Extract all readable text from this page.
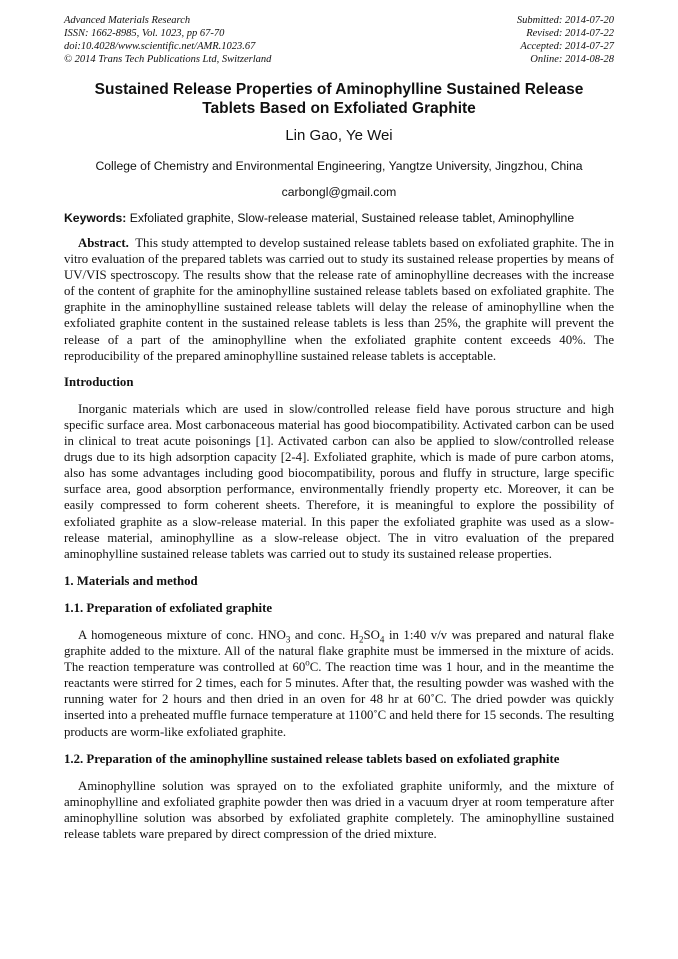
Advanced Materials Research
ISSN: 1662-8985, Vol. 1023, pp 67-70
doi:10.4028/www.scientific.net/AMR.1023.67
© 2014 Trans Tech Publications Ltd, Switzerland
Submitted: 2014-07-20
Revised: 2014-07-22
Accepted: 2014-07-27
Online: 2014-08-28
Sustained Release Properties of Aminophylline Sustained Release
Tablets Based on Exfoliated Graphite
Lin Gao, Ye Wei
College of Chemistry and Environmental Engineering, Yangtze University, Jingzhou, China
carbongl@gmail.com
Keywords: Exfoliated graphite, Slow-release material, Sustained release tablet, Aminophylline

Abstract. This study attempted to develop sustained release tablets based on exfoliated graphite. The in vitro evaluation of the prepared tablets was carried out to study its sustained release properties by means of UV/VIS spectroscopy. The results show that the release rate of aminophylline decreases with the increase of the content of graphite for the aminophylline sustained release tablets based on exfoliated graphite. The graphite in the aminophylline sustained release tablets will delay the release of aminophylline when the exfoliated graphite content in the sustained release tablets is less than 25%, the graphite will prevent the release of a part of the aminophylline when the exfoliated graphite content exceeds 40%. The reproducibility of the prepared aminophylline sustained release tablets is acceptable.

Introduction

Inorganic materials which are used in slow/controlled release field have porous structure and high specific surface area. Most carbonaceous material has good biocompatibility. Activated carbon can be used in clinical to treat acute poisonings [1]. Activated carbon can also be applied to slow/controlled release drugs due to its high adsorption capacity [2-4]. Exfoliated graphite, which is made of pure carbon atoms, also has some advantages including good biocompatibility, porous and fluffy in structure, large specific surface area, good absorption performance, environmentally friendly property etc. Moreover, it can be easily compressed to form coherent sheets. Therefore, it is meaningful to explore the possibility of exfoliated graphite as a slow-release material. In this paper the exfoliated graphite was used as a slow-release material, aminophylline as a slow-release object. The in vitro evaluation of the prepared aminophylline sustained release tablets was carried out to study its sustained release properties.

1. Materials and method
1.1. Preparation of exfoliated graphite

A homogeneous mixture of conc. $HNO_3$ and conc. $H_2SO_4$ in 1:40 v/v was prepared and natural flake graphite added to the mixture. All of the natural flake graphite must be immersed in the mixture of acids. The reaction temperature was controlled at 60$^o$C. The reaction time was 1 hour, and in the meantime the reactants were stirred for 2 times, each for 5 minutes. After that, the resulting powder was washed with the running water for 2 hours and then dried in an oven for 48 hr at 60˚C. The dried powder was quickly inserted into a preheated muffle furnace temperature at 1100˚C and held there for 15 seconds. The resulting products are worm-like exfoliated graphite.

1.2. Preparation of the aminophylline sustained release tablets based on exfoliated graphite

Aminophylline solution was sprayed on to the exfoliated graphite uniformly, and the mixture of aminophylline and exfoliated graphite powder then was dried in a vacuum dryer at room temperature after aminophylline solution was absorbed by exfoliated graphite completely. The aminophylline sustained release tablets ware prepared by direct compression of the dried mixture.
